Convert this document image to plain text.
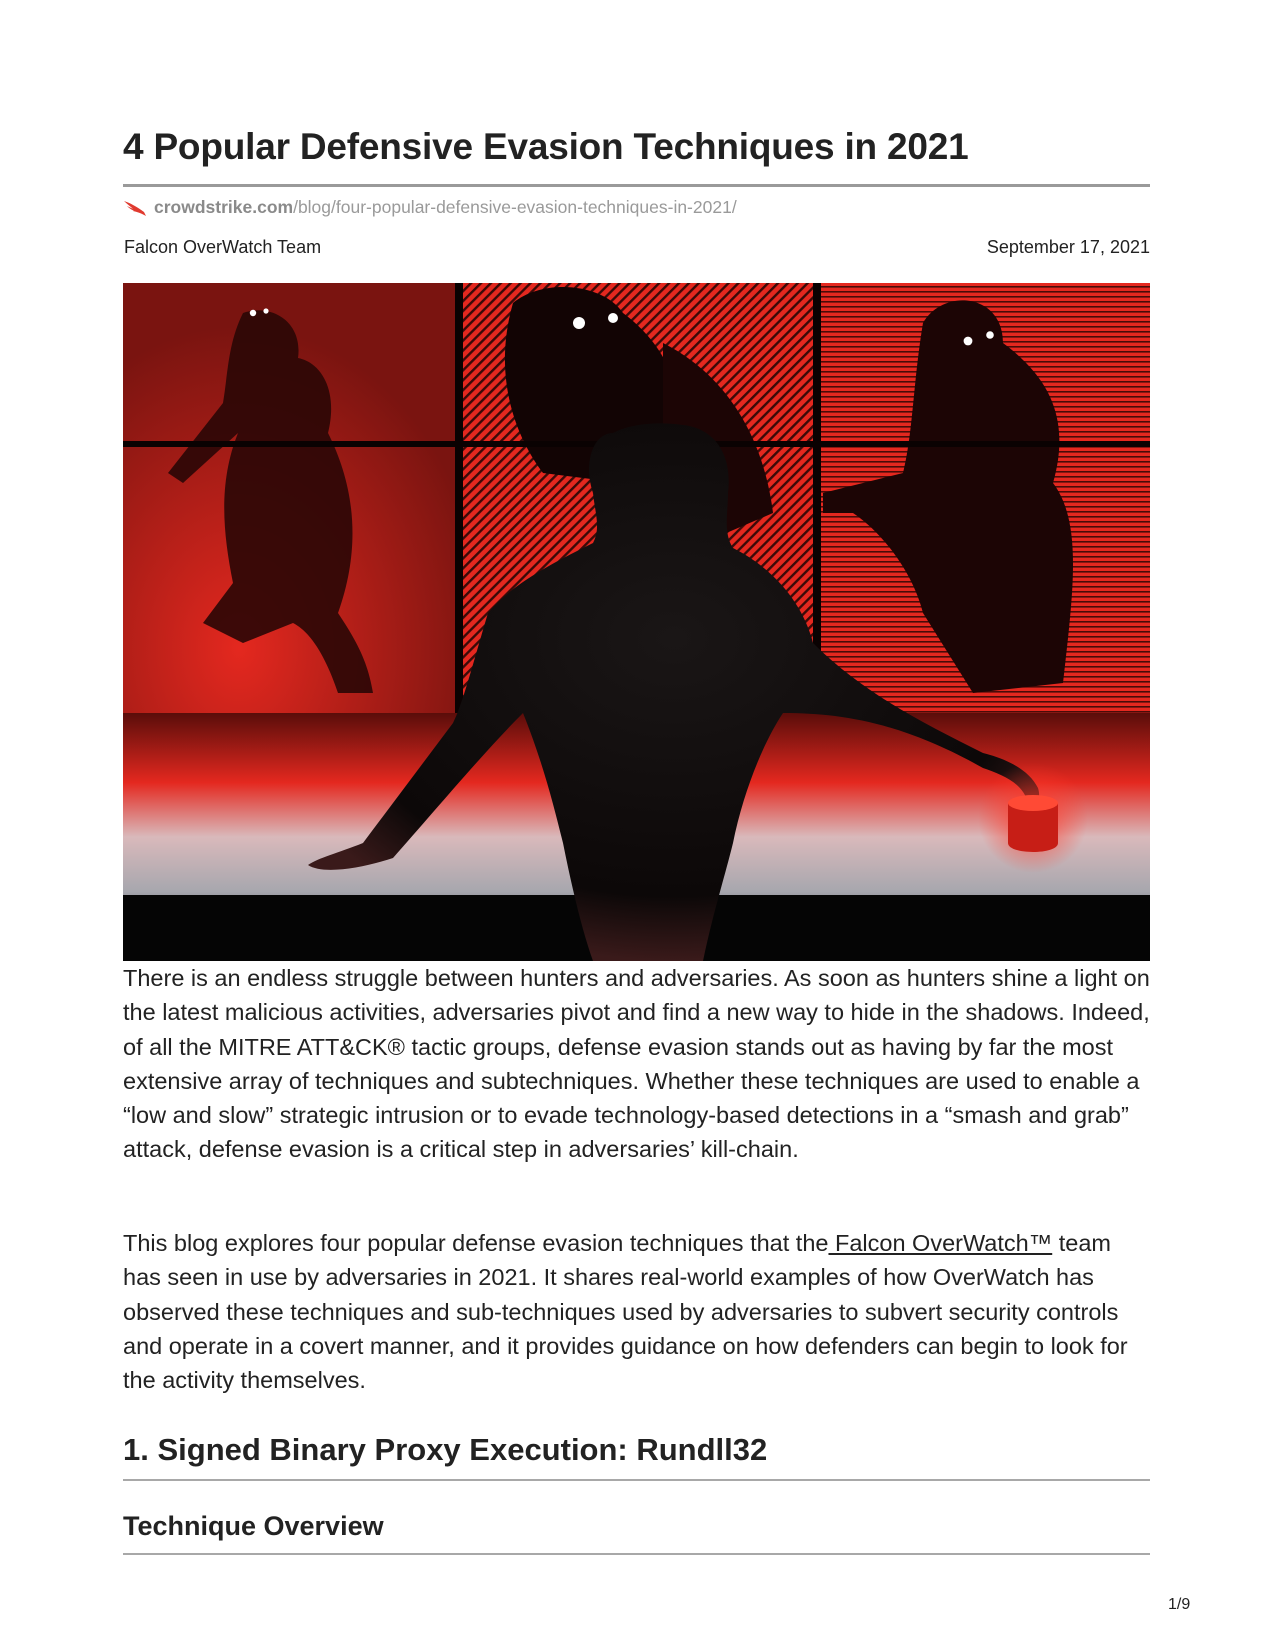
4 Popular Defensive Evasion Techniques in 2021
crowdstrike.com /blog/four-popular-defensive-evasion-techniques-in-2021/
Falcon OverWatch Team	September 17, 2021

There is an endless struggle between hunters and adversaries. As soon as hunters shine a light on the latest malicious activities, adversaries pivot and find a new way to hide in the shadows. Indeed, of all the MITRE ATT&CK® tactic groups, defense evasion stands out as having by far the most extensive array of techniques and subtechniques. Whether these techniques are used to enable a “low and slow” strategic intrusion or to evade technology-based detections in a “smash and grab” attack, defense evasion is a critical step in adversaries’ kill-chain.

This blog explores four popular defense evasion techniques that the Falcon OverWatch™ team has seen in use by adversaries in 2021. It shares real-world examples of how OverWatch has observed these techniques and sub-techniques used by adversaries to subvert security controls and operate in a covert manner, and it provides guidance on how defenders can begin to look for the activity themselves.

1. Signed Binary Proxy Execution: Rundll32
Technique Overview
1/9
